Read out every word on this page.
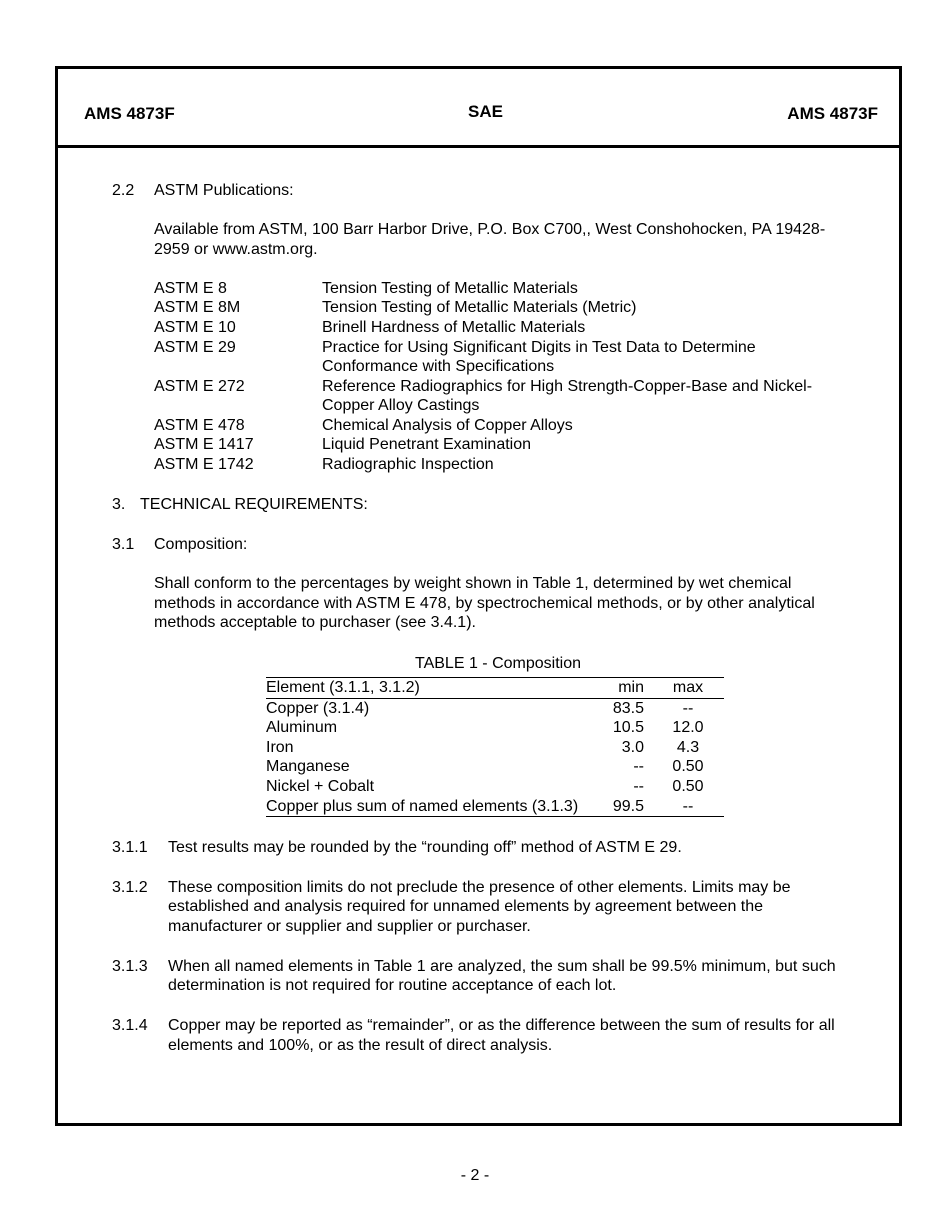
AMS 4873F	SAE	AMS 4873F
2.2 ASTM Publications:
Available from ASTM, 100 Barr Harbor Drive, P.O. Box C700,, West Conshohocken, PA 19428-
2959 or www.astm.org.
ASTM E 8	Tension Testing of Metallic Materials
ASTM E 8M	Tension Testing of Metallic Materials (Metric)
ASTM E 10	Brinell Hardness of Metallic Materials
ASTM E 29	Practice for Using Significant Digits in Test Data to Determine
Conformance with Specifications
ASTM E 272	Reference Radiographics for High Strength-Copper-Base and Nickel-
Copper Alloy Castings
ASTM E 478	Chemical Analysis of Copper Alloys
ASTM E 1417	Liquid Penetrant Examination
ASTM E 1742	Radiographic Inspection
3. TECHNICAL REQUIREMENTS:
3.1 Composition:
Shall conform to the percentages by weight shown in Table 1, determined by wet chemical
methods in accordance with ASTM E 478, by spectrochemical methods, or by other analytical
methods acceptable to purchaser (see 3.4.1).
TABLE 1 - Composition
Element (3.1.1, 3.1.2)	min	max
Copper (3.1.4)	83.5	--
Aluminum	10.5	12.0
Iron	3.0	4.3
Manganese	--	0.50
Nickel + Cobalt	--	0.50
Copper plus sum of named elements (3.1.3)	99.5	--
3.1.1 Test results may be rounded by the “rounding off” method of ASTM E 29.
3.1.2 These composition limits do not preclude the presence of other elements. Limits may be
established and analysis required for unnamed elements by agreement between the
manufacturer or supplier and supplier or purchaser.
3.1.3 When all named elements in Table 1 are analyzed, the sum shall be 99.5% minimum, but such
determination is not required for routine acceptance of each lot.
3.1.4 Copper may be reported as “remainder”, or as the difference between the sum of results for all
elements and 100%, or as the result of direct analysis.
- 2 -
